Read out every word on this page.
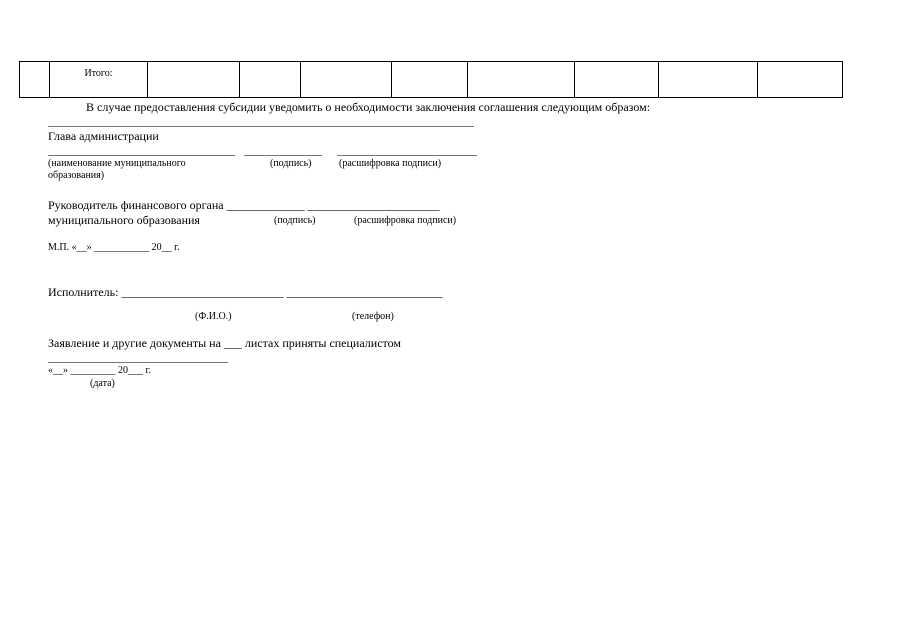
	Итого:								
В случае предоставления субсидии уведомить о необходимости заключения соглашения следующим образом:
Глава администрации
(наименование муниципального
образования)
(подпись)	(расшифровка подписи)
Руководитель финансового органа _____________ ______________________
муниципального образования	(подпись)	(расшифровка подписи)
М.П. «__» ___________ 20__ г.
Исполнитель: ___________________________ __________________________
(Ф.И.О.)	(телефон)
Заявление и другие документы на ___ листах приняты специалистом
«__» _________ 20___ г.
(дата)
